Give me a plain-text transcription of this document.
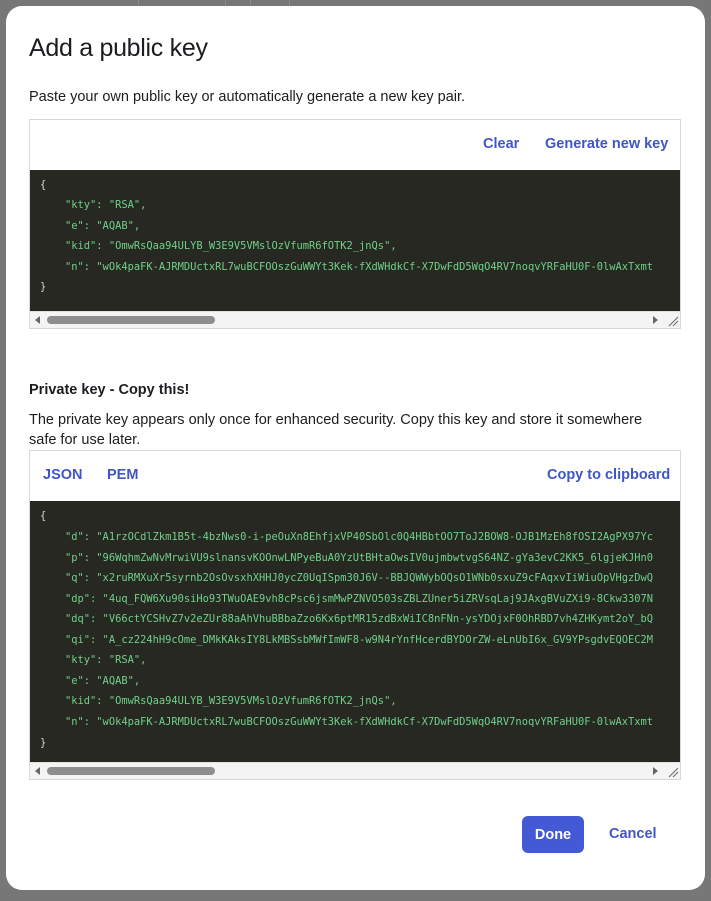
Add a public key
Paste your own public key or automatically generate a new key pair.
Clear Generate new key

{

"kty": "RSA",

"e": "AQAB",

"kid": "OmwRsQaa94ULYB_W3E9V5VMslOzVfumR6fOTK2_jnQs",

"n": "wOk4paFK-AJRMDUctxRL7wuBCFOOszGuWWYt3Kek-fXdWHdkCf-X7DwFdD5WqO4RV7noqvYRFaHU0F-0lwAxTxmt

}

Private key - Copy this!
The private key appears only once for enhanced security. Copy this key and store it somewhere safe for use later.
JSON PEM	Copy to clipboard

{

"d": "A1rzOCdlZkm1B5t-4bzNws0-i-peOuXn8EhfjxVP40SbOlc0Q4HBbtOO7ToJ2BOW8-OJB1MzEh8fOSI2AgPX97Yc

"p": "96WqhmZwNvMrwiVU9slnansvKOOnwLNPyeBuA0YzUtBHtaOwsIV0ujmbwtvgS64NZ-gYa3evC2KK5_6lgjeKJHn0

"q": "x2ruRMXuXr5syrnb2OsOvsxhXHHJ0ycZ0UqISpm30J6V--BBJQWWybOQsO1WNb0sxuZ9cFAqxvIiWiuOpVHgzDwQ

"dp": "4uq_FQW6Xu90siHo93TWuOAE9vh8cPsc6jsmMwPZNVO503sZBLZUner5iZRVsqLaj9JAxgBVuZXi9-8Ckw3307N

"dq": "V66ctYCSHvZ7v2eZUr88aAhVhuBBbaZzo6Kx6ptMR15zdBxWiIC8nFNn-ysYDOjxF0OhRBD7vh4ZHKymt2oY_bQ

"qi": "A_cz224hH9cOme_DMkKAksIY8LkMBSsbMWfImWF8-w9N4rYnfHcerdBYDOrZW-eLnUbI6x_GV9YPsgdvEQOEC2M

"kty": "RSA",

"e": "AQAB",

"kid": "OmwRsQaa94ULYB_W3E9V5VMslOzVfumR6fOTK2_jnQs",

"n": "wOk4paFK-AJRMDUctxRL7wuBCFOOszGuWWYt3Kek-fXdWHdkCf-X7DwFdD5WqO4RV7noqvYRFaHU0F-0lwAxTxmt

}

Done	Cancel
